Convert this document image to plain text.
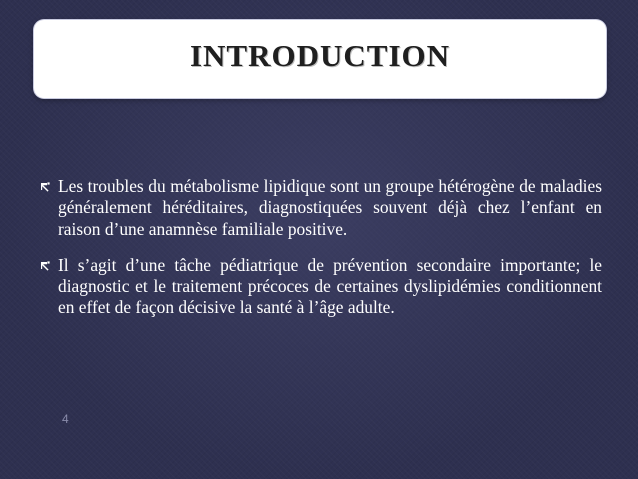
INTRODUCTION
Les troubles du métabolisme lipidique sont un groupe hétérogène de maladies généralement héréditaires, diagnostiquées souvent déjà chez l’enfant en raison d’une anamnèse familiale positive.
Il s’agit d’une tâche pédiatrique de prévention secondaire importante; le diagnostic et le traitement précoces de certaines dyslipidémies conditionnent en effet de façon décisive la santé à l’âge adulte.
4
